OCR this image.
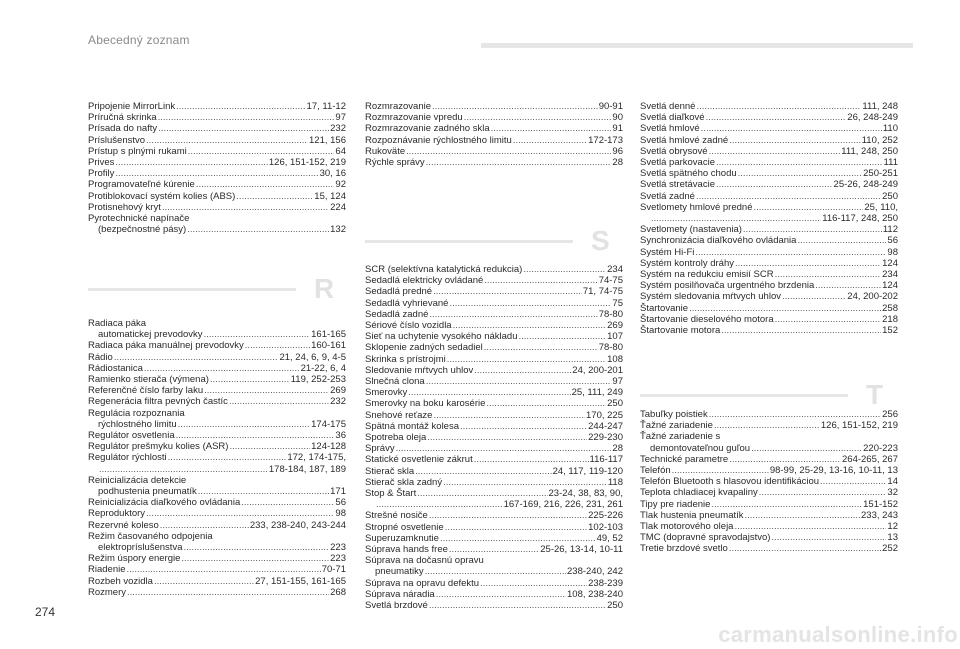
Abecedný zoznam
Pripojenie MirrorLink .....	17, 11-12
Príručná skrinka .....	97
Prísada do nafty .....	232
Príslušenstvo .....	121, 156
Prístup s plnými rukami .....	64
Prives .....	126, 151-152, 219
Profily .....	30, 16
Programovateľné kúrenie .....	92
Protiblokovací systém kolies (ABS) .....	15, 124
Protisnehový kryt .....	224
Pyrotechnické napínače
(bezpečnostné pásy) .....	132
R
Radiaca páka
automatickej prevodovky .....	161-165
Radiaca páka manuálnej prevodovky .....	160-161
Rádio .....	21, 24, 6, 9, 4-5
Rádiostanica .....	21-22, 6, 4
Ramienko stierača (výmena) .....	119, 252-253
Referenčné číslo farby laku .....	269
Regenerácia filtra pevných častíc .....	232
Regulácia rozpoznania
rýchlostného limitu .....	174-175
Regulátor osvetlenia .....	36
Regulátor prešmyku kolies (ASR) .....	124-128
Regulátor rýchlosti .....	172, 174-175,
.....
178-184, 187, 189
Reinicializácia detekcie
podhustenia pneumatík .....	171
Reinicializácia diaľkového ovládania .....	56
Reproduktory .....	98
Rezervné koleso .....	233, 238-240, 243-244
Režim časovaného odpojenia
elektropríslušenstva .....	223
Režim úspory energie .....	223
Riadenie .....	70-71
Rozbeh vozidla .....	27, 151-155, 161-165
Rozmery .....	268
Rozmrazovanie .....	90-91
Rozmrazovanie vpredu .....	90
Rozmrazovanie zadného skla .....	91
Rozpoznávanie rýchlostného limitu .....	172-173
Rukoväte .....	96
Rýchle správy .....	28
S
SCR (selektívna katalytická redukcia) .....	234
Sedadlá elektricky ovládané .....	74-75
Sedadlá predné .....	71, 74-75
Sedadlá vyhrievané .....	75
Sedadlá zadné .....	78-80
Sériové číslo vozidla .....	269
Sieť na uchytenie vysokého nákladu .....	107
Sklopenie zadných sedadiel .....	78-80
Skrinka s prístrojmi .....	108
Sledovanie mŕtvych uhlov .....	24, 200-201
Slnečná clona .....	97
Smerovky .....	25, 111, 249
Smerovky na boku karosérie .....	250
Snehové reťaze .....	170, 225
Spätná montáž kolesa .....	244-247
Spotreba oleja .....	229-230
Správy .....	28
Statické osvetlenie zákrut .....	116-117
Stierač skla .....	24, 117, 119-120
Stierač skla zadný .....	118
Stop & Štart .....	23-24, 38, 83, 90,
.....
167-169, 216, 226, 231, 261
Strešné nosiče .....	225-226
Stropné osvetlenie .....	102-103
Superuzamknutie .....	49, 52
Súprava hands free .....	25-26, 13-14, 10-11
Súprava na dočasnú opravu
pneumatiky .....	238-240, 242
Súprava na opravu defektu .....	238-239
Súprava náradia .....	108, 238-240
Svetlá brzdové .....	250
Svetlá denné .....	111, 248
Svetlá diaľkové .....	26, 248-249
Svetlá hmlové .....	110
Svetlá hmlové zadné .....	110, 252
Svetlá obrysové .....	111, 248, 250
Svetlá parkovacie .....	111
Svetlá spätného chodu .....	250-251
Svetlá stretávacie .....	25-26, 248-249
Svetlá zadné .....	250
Svetlomety hmlové predné .....	25, 110,
.....
116-117, 248, 250
Svetlomety (nastavenia) .....	112
Synchronizácia diaľkového ovládania .....	56
Systém Hi-Fi .....	98
Systém kontroly dráhy .....	124
Systém na redukciu emisií SCR .....	234
Systém posilňovača urgentného brzdenia .....	124
Systém sledovania mŕtvych uhlov .....	24, 200-202
Štartovanie .....	258
Štartovanie dieselového motora .....	218
Štartovanie motora .....	152
T
Tabuľky poistiek .....	256
Ťažné zariadenie .....	126, 151-152, 219
Ťažné zariadenie s
demontovateľnou guľou .....	220-223
Technické parametre .....	264-265, 267
Telefón .....	98-99, 25-29, 13-16, 10-11, 13
Telefón Bluetooth s hlasovou identifikáciou .....	14
Teplota chladiacej kvapaliny .....	32
Tipy pre riadenie .....	151-152
Tlak hustenia pneumatík .....	233, 243
Tlak motorového oleja .....	12
TMC (dopravné spravodajstvo) .....	13
Tretie brzdové svetlo .....	252
274
carmanualsonline.info
